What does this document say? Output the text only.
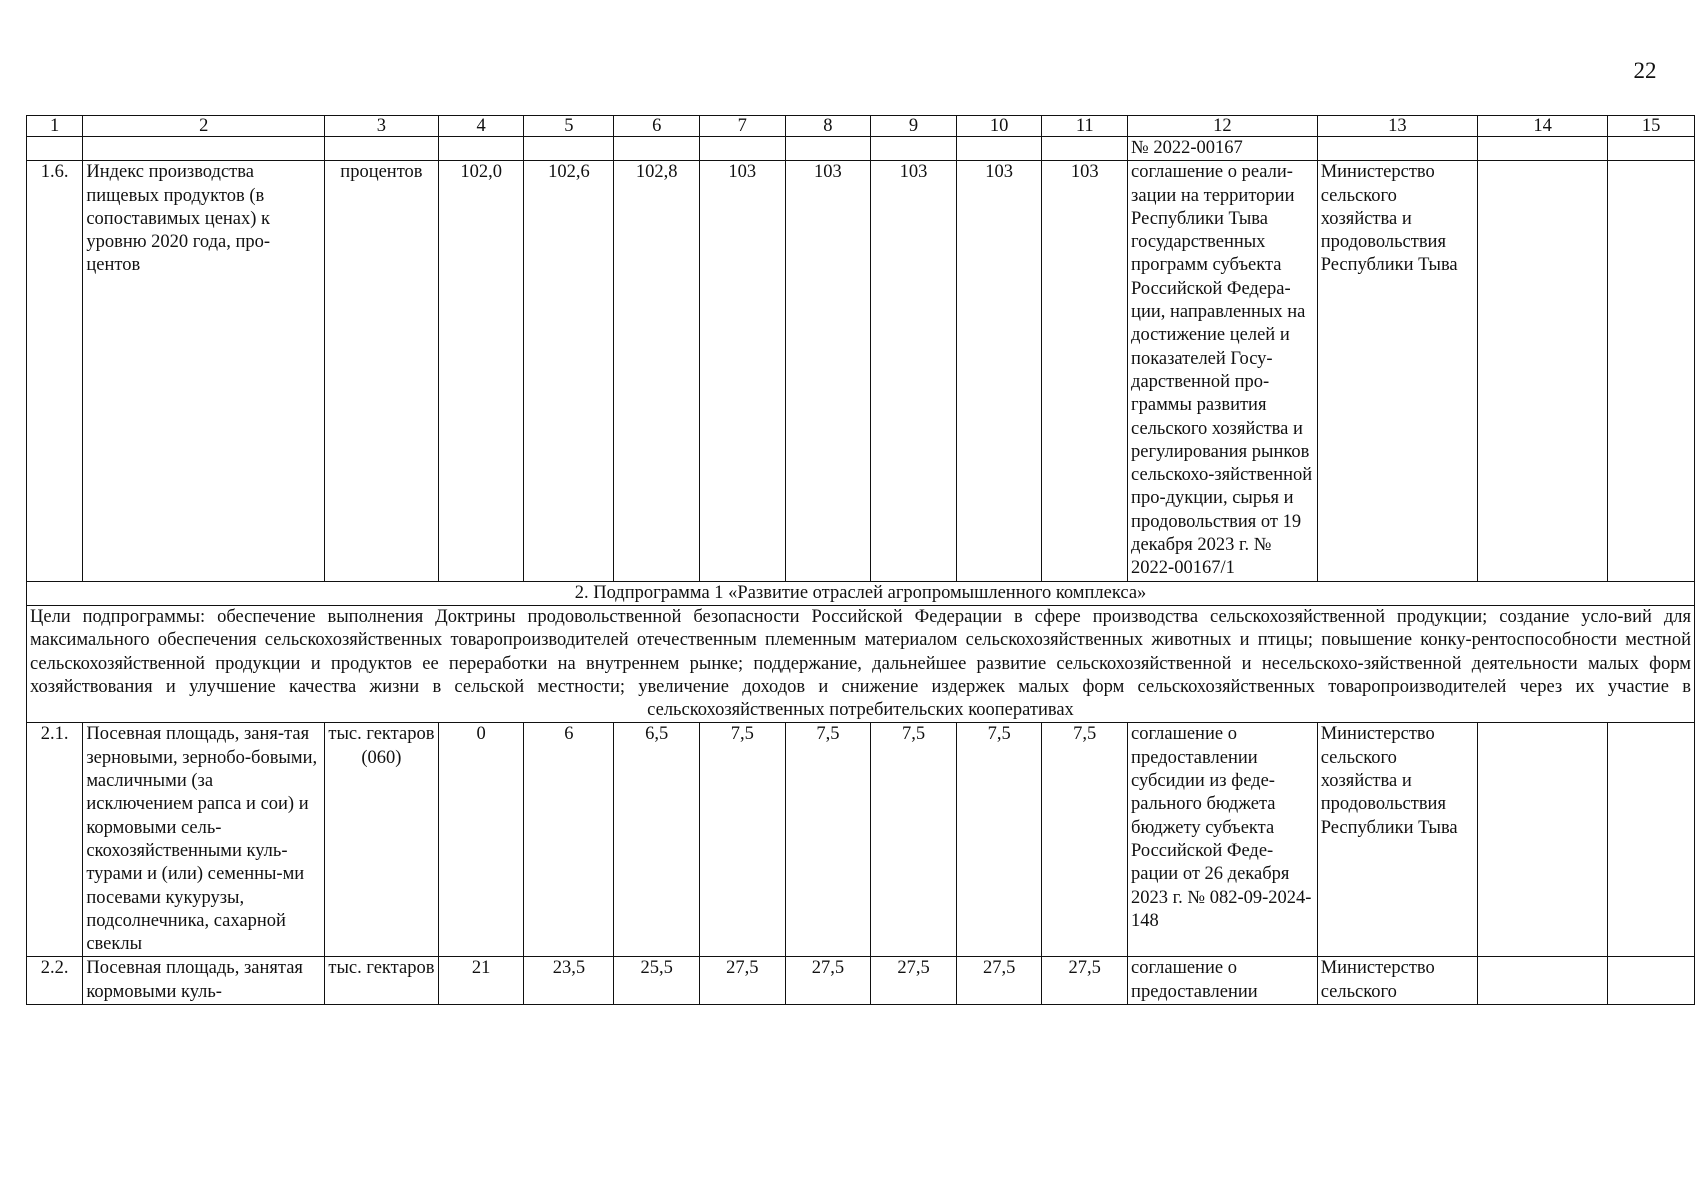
22
1	2	3	4	5	6	7	8	9	10	11	12	13	14	15
											№ 2022-00167			
1.6.	Индекс производства пищевых продуктов (в сопоставимых ценах) к уровню 2020 года, про-центов	процентов	102,0	102,6	102,8	103	103	103	103	103	соглашение о реали-зации на территории Республики Тыва государственных программ субъекта Российской Федера-ции, направленных на достижение целей и показателей Госу-дарственной про-граммы развития сельского хозяйства и регулирования рынков сельскохо-зяйственной про-дукции, сырья и продовольствия от 19 декабря 2023 г. № 2022-00167/1	Министерство сельского хозяйства и продовольствия Республики Тыва		
2. Подпрограмма 1 «Развитие отраслей агропромышленного комплекса»														
Цели подпрограммы: обеспечение выполнения Доктрины продовольственной безопасности Российской Федерации в сфере производства сельскохозяйственной продукции; создание усло-вий для максимального обеспечения сельскохозяйственных товаропроизводителей отечественным племенным материалом сельскохозяйственных животных и птицы; повышение конку-рентоспособности местной сельскохозяйственной продукции и продуктов ее переработки на внутреннем рынке; поддержание, дальнейшее развитие сельскохозяйственной и несельскохо-зяйственной деятельности малых форм хозяйствования и улучшение качества жизни в сельской местности; увеличение доходов и снижение издержек малых форм сельскохозяйственных товаропроизводителей через их участие в сельскохозяйственных потребительских кооперативах														
2.1.	Посевная площадь, заня-тая зерновыми, зернобо-бовыми, масличными (за исключением рапса и сои) и кормовыми сель-скохозяйственными куль-турами и (или) семенны-ми посевами кукурузы, подсолнечника, сахарной свеклы	тыс. гектаров (060)	0	6	6,5	7,5	7,5	7,5	7,5	7,5	соглашение о предоставлении субсидии из феде-рального бюджета бюджету субъекта Российской Феде-рации от 26 декабря 2023 г. № 082-09-2024-148	Министерство сельского хозяйства и продовольствия Республики Тыва		
2.2.	Посевная площадь, занятая кормовыми куль-	тыс. гектаров	21	23,5	25,5	27,5	27,5	27,5	27,5	27,5	соглашение о предоставлении	Министерство сельского		
